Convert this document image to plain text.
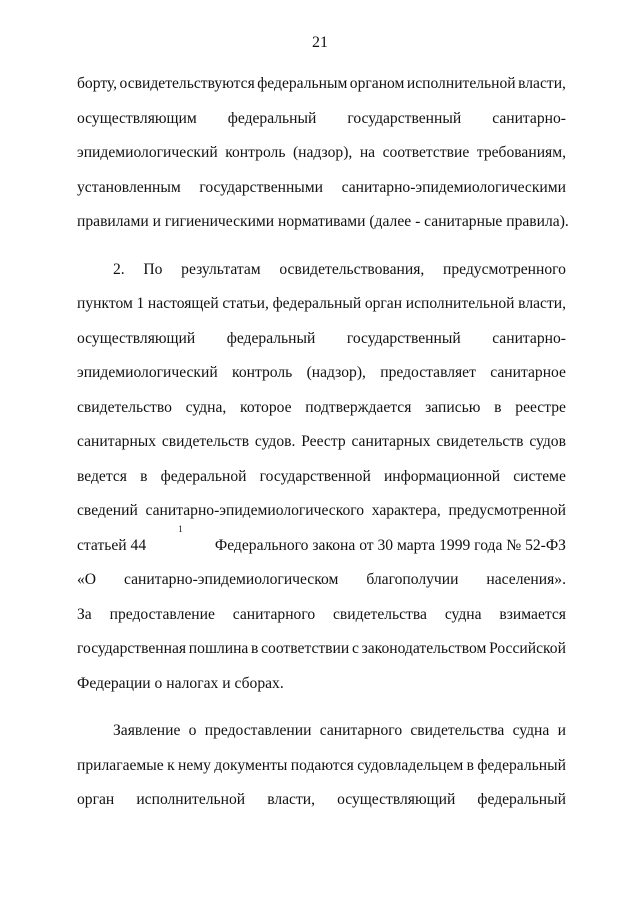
21
борту, освидетельствуются федеральным органом исполнительной власти,
осуществляющим федеральный государственный санитарно-
эпидемиологический контроль (надзор), на соответствие требованиям,
установленным государственными санитарно-эпидемиологическими
правилами и гигиеническими нормативами (далее - санитарные правила).
2. По результатам освидетельствования, предусмотренного
пунктом 1 настоящей статьи, федеральный орган исполнительной власти,
осуществляющий федеральный государственный санитарно-
эпидемиологический контроль (надзор), предоставляет санитарное
свидетельство судна, которое подтверждается записью в реестре
санитарных свидетельств судов. Реестр санитарных свидетельств судов
ведется в федеральной государственной информационной системе
сведений санитарно-эпидемиологического характера, предусмотренной
статьей 44
1
Федерального закона от 30 марта 1999 года № 52-ФЗ
«О санитарно-эпидемиологическом благополучии населения».
За предоставление санитарного свидетельства судна взимается
государственная пошлина в соответствии с законодательством Российской
Федерации о налогах и сборах.
Заявление о предоставлении санитарного свидетельства судна и
прилагаемые к нему документы подаются судовладельцем в федеральный
орган исполнительной власти, осуществляющий федеральный
